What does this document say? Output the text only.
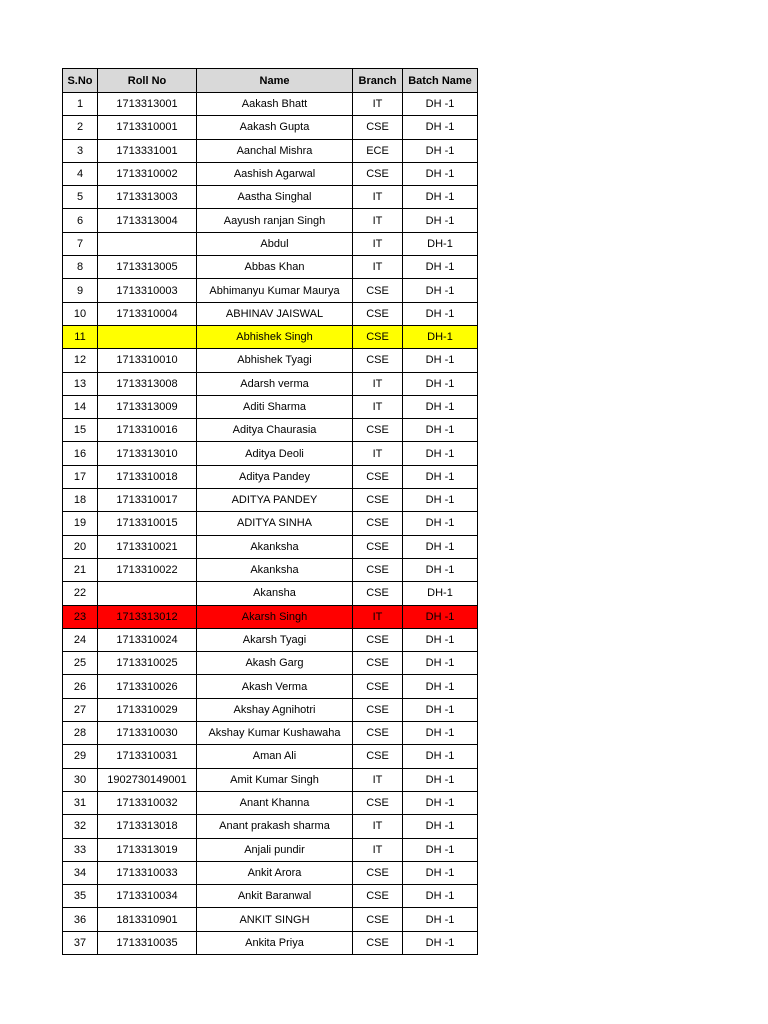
S.No	Roll No	Name	Branch	Batch Name
1	1713313001	Aakash Bhatt	IT	DH -1
2	1713310001	Aakash Gupta	CSE	DH -1
3	1713331001	Aanchal Mishra	ECE	DH -1
4	1713310002	Aashish Agarwal	CSE	DH -1
5	1713313003	Aastha Singhal	IT	DH -1
6	1713313004	Aayush ranjan Singh	IT	DH -1
7		Abdul	IT	DH-1
8	1713313005	Abbas Khan	IT	DH -1
9	1713310003	Abhimanyu Kumar Maurya	CSE	DH -1
10	1713310004	ABHINAV JAISWAL	CSE	DH -1
11		Abhishek Singh	CSE	DH-1
12	1713310010	Abhishek Tyagi	CSE	DH -1
13	1713313008	Adarsh verma	IT	DH -1
14	1713313009	Aditi Sharma	IT	DH -1
15	1713310016	Aditya Chaurasia	CSE	DH -1
16	1713313010	Aditya Deoli	IT	DH -1
17	1713310018	Aditya Pandey	CSE	DH -1
18	1713310017	ADITYA PANDEY	CSE	DH -1
19	1713310015	ADITYA SINHA	CSE	DH -1
20	1713310021	Akanksha	CSE	DH -1
21	1713310022	Akanksha	CSE	DH -1
22		Akansha	CSE	DH-1
23	1713313012	Akarsh Singh	IT	DH -1
24	1713310024	Akarsh Tyagi	CSE	DH -1
25	1713310025	Akash Garg	CSE	DH -1
26	1713310026	Akash Verma	CSE	DH -1
27	1713310029	Akshay Agnihotri	CSE	DH -1
28	1713310030	Akshay Kumar Kushawaha	CSE	DH -1
29	1713310031	Aman Ali	CSE	DH -1
30	1902730149001	Amit Kumar Singh	IT	DH -1
31	1713310032	Anant Khanna	CSE	DH -1
32	1713313018	Anant prakash sharma	IT	DH -1
33	1713313019	Anjali pundir	IT	DH -1
34	1713310033	Ankit Arora	CSE	DH -1
35	1713310034	Ankit Baranwal	CSE	DH -1
36	1813310901	ANKIT SINGH	CSE	DH -1
37	1713310035	Ankita Priya	CSE	DH -1
